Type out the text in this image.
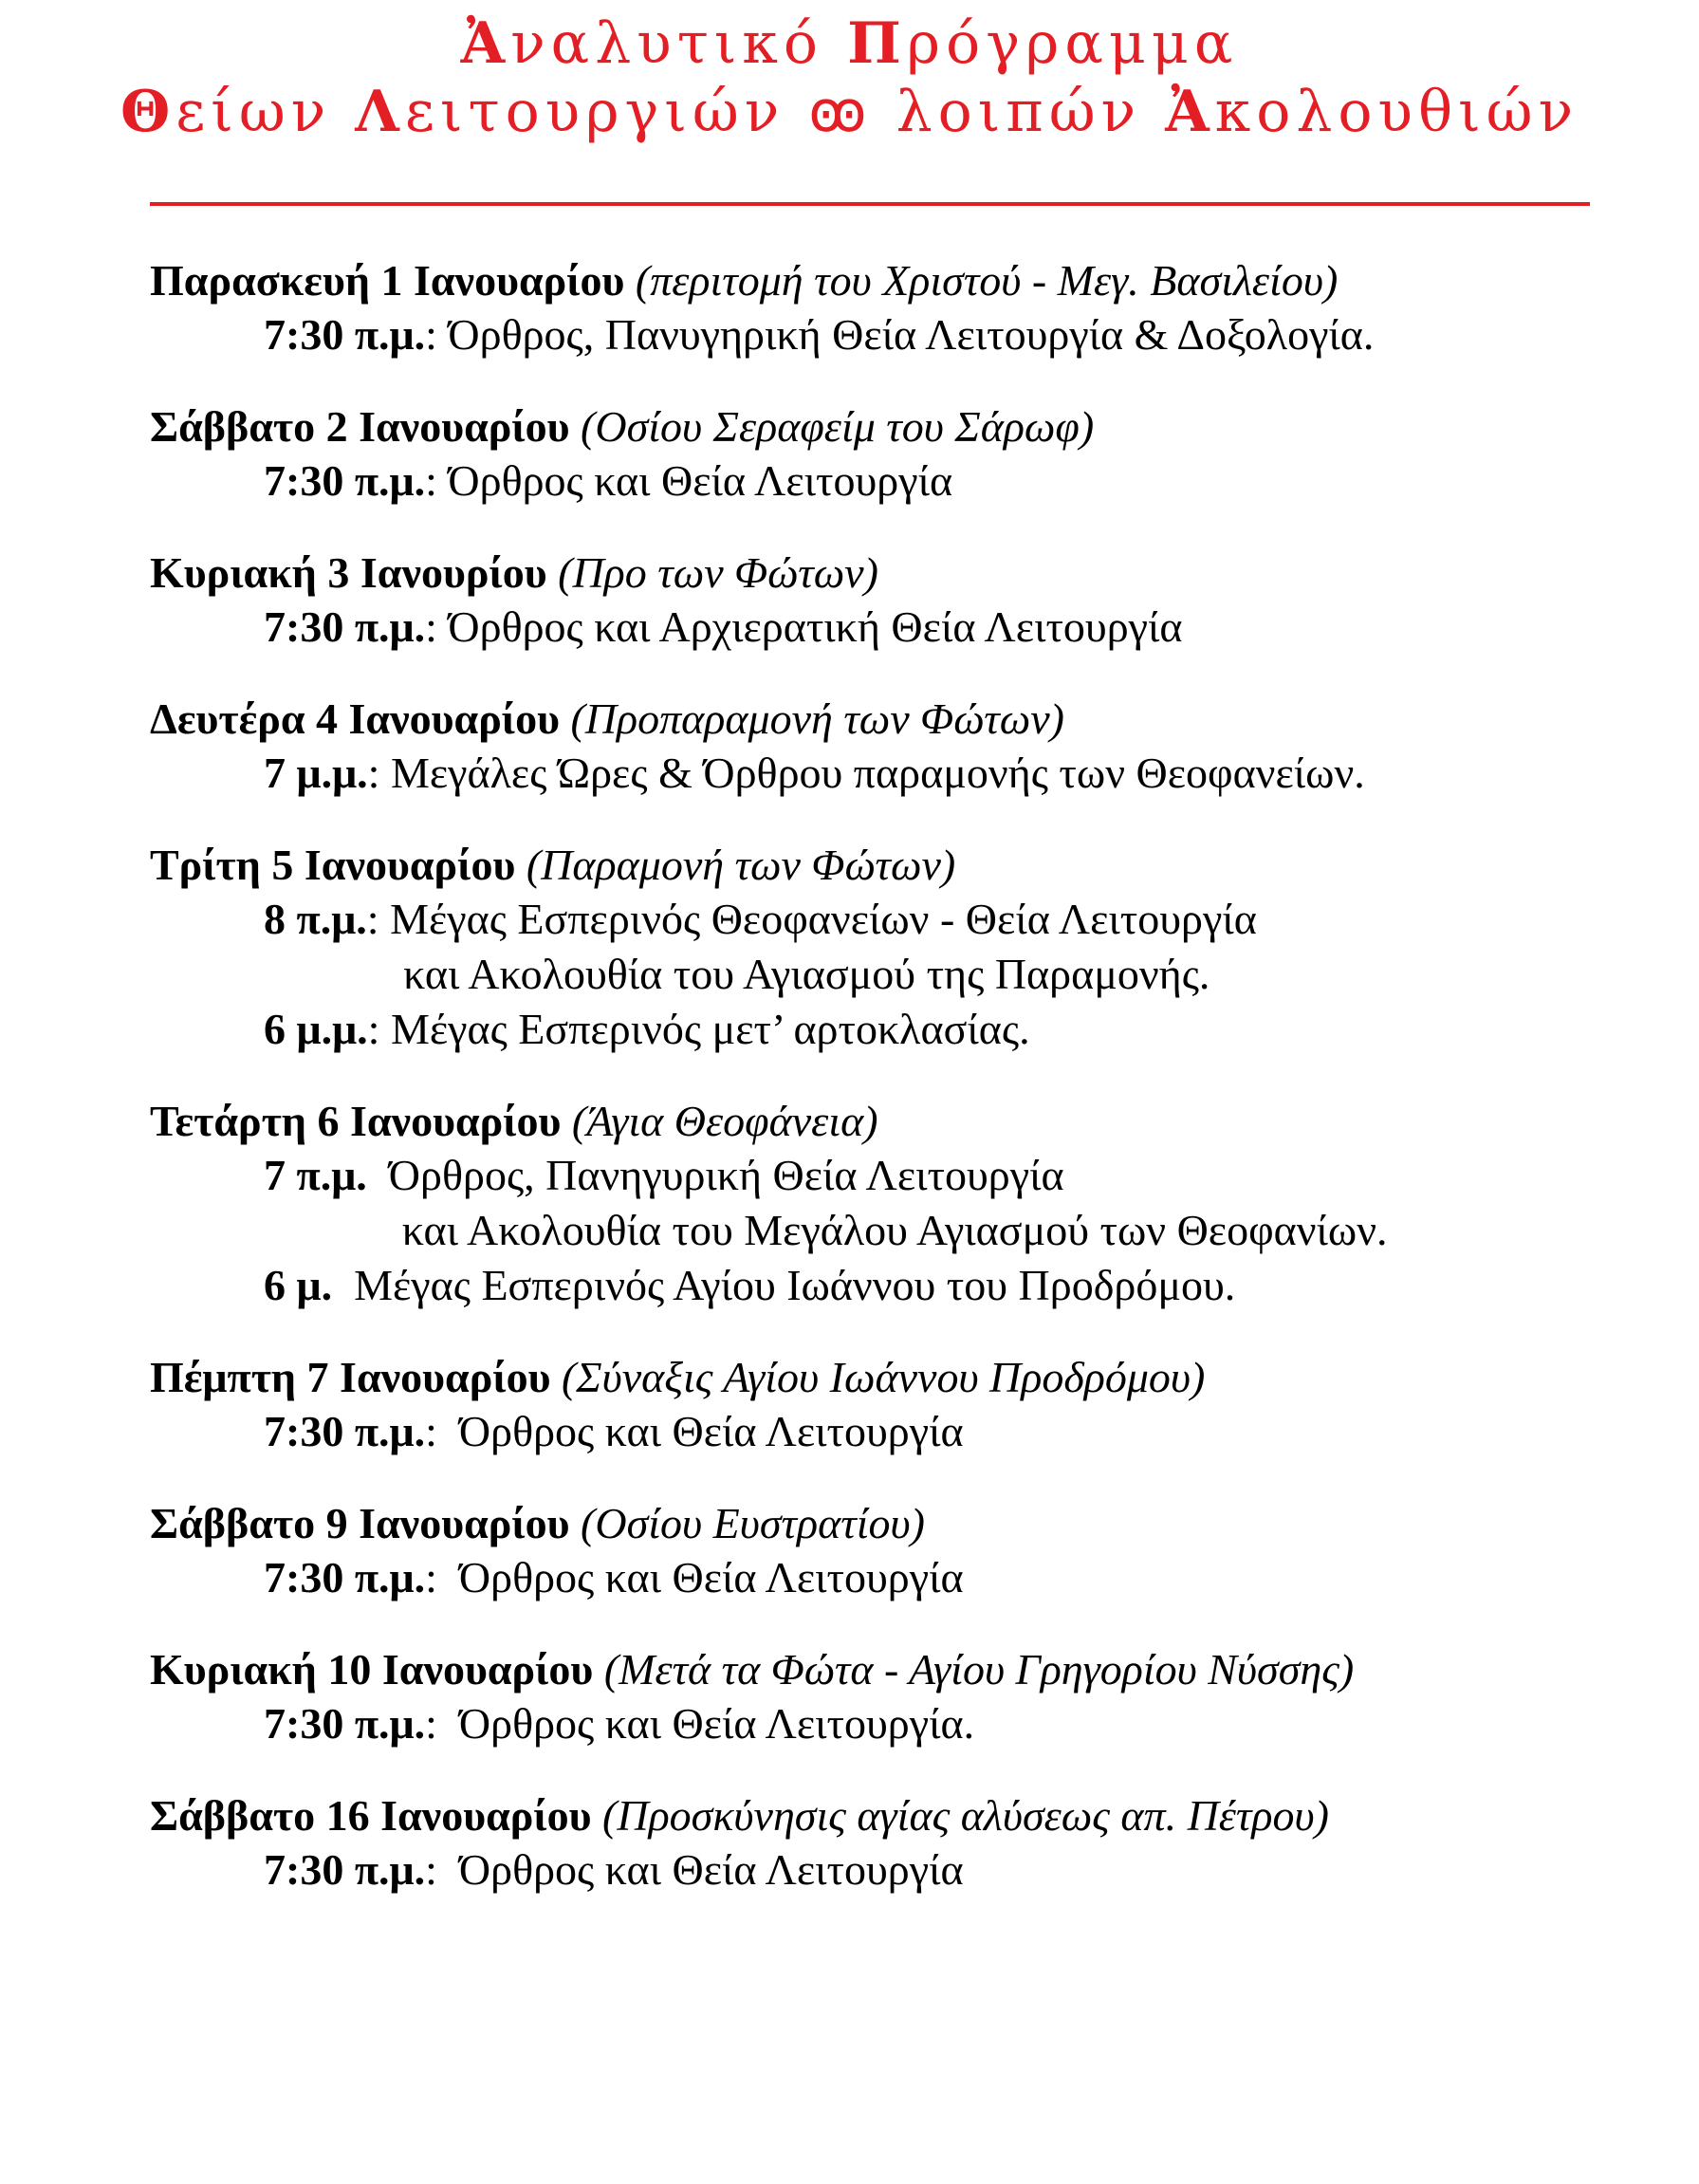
Ἀναλυτικό Πρόγραμμα
Θείων Λειτουργιών ꙭ λοιπών Ἀκολουθιών
Παρασκευή 1 Ιανουαρίου (περιτομή του Χριστού - Μεγ. Βασιλείου)
7:30 π.μ.: Όρθρος, Πανυγηρική Θεία Λειτουργία & Δοξολογία.
Σάββατο 2 Ιανουαρίου (Οσίου Σεραφείμ του Σάρωφ)
7:30 π.μ.: Όρθρος και Θεία Λειτουργία
Κυριακή 3 Ιανουρίου (Προ των Φώτων)
7:30 π.μ.: Όρθρος και Αρχιερατική Θεία Λειτουργία
Δευτέρα 4 Ιανουαρίου (Προπαραμονή των Φώτων)
7 μ.μ.: Μεγάλες Ώρες & Όρθρου παραμονής των Θεοφανείων.
Τρίτη 5 Ιανουαρίου (Παραμονή των Φώτων)
8 π.μ.: Μέγας Εσπερινός Θεοφανείων - Θεία Λειτουργία
και Ακολουθία του Αγιασμού της Παραμονής.
6 μ.μ.: Μέγας Εσπερινός μετ’ αρτοκλασίας.
Τετάρτη 6 Ιανουαρίου (Άγια Θεοφάνεια)
7 π.μ. Όρθρος, Πανηγυρική Θεία Λειτουργία
και Ακολουθία του Μεγάλου Αγιασμού των Θεοφανίων.
6 μ. Μέγας Εσπερινός Αγίου Ιωάννου του Προδρόμου.
Πέμπτη 7 Ιανουαρίου (Σύναξις Αγίου Ιωάννου Προδρόμου)
7:30 π.μ.:  Όρθρος και Θεία Λειτουργία
Σάββατο 9 Ιανουαρίου (Οσίου Ευστρατίου)
7:30 π.μ.:  Όρθρος και Θεία Λειτουργία
Κυριακή 10 Ιανουαρίου (Μετά τα Φώτα - Αγίου Γρηγορίου Νύσσης)
7:30 π.μ.:  Όρθρος και Θεία Λειτουργία.
Σάββατο 16 Ιανουαρίου (Προσκύνησις αγίας αλύσεως απ. Πέτρου)
7:30 π.μ.:  Όρθρος και Θεία Λειτουργία
